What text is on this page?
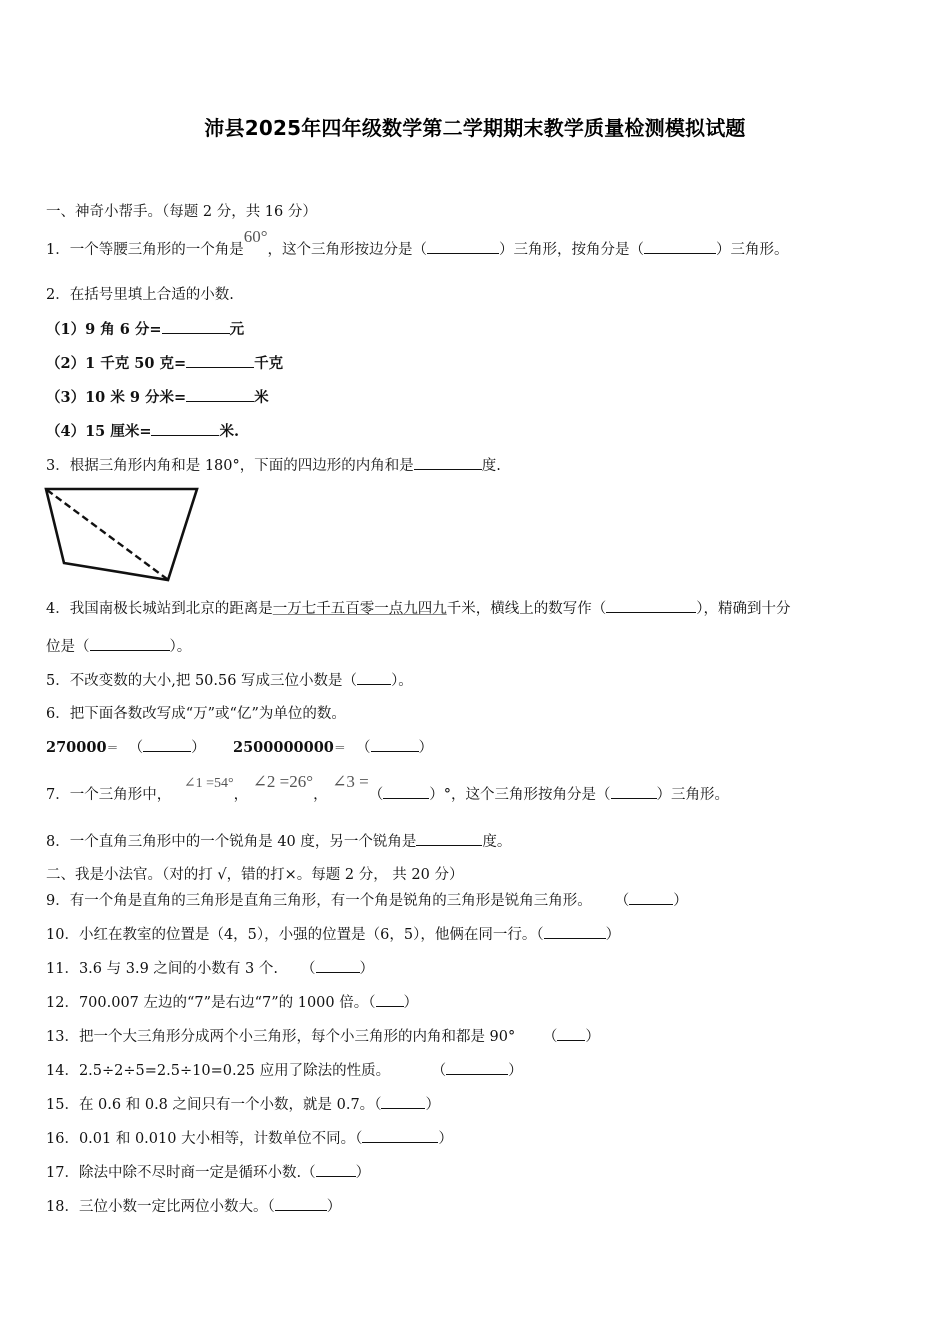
沛县2025年四年级数学第二学期期末教学质量检测模拟试题
一、神奇小帮手。（每题 2 分，共 16 分）
1．一个等腰三角形的一个角是60°，这个三角形按边分是（	）三角形，按角分是（	）三角形。
2．在括号里填上合适的小数.
（1）9 角 6 分=	元
（2）1 千克 50 克=	千克
（3）10 米 9 分米=	米
（4）15 厘米=	米.
3．根据三角形内角和是 180°，下面的四边形的内角和是	度.
4．我国南极长城站到北京的距离是一万七千五百零一点九四九千米，横线上的数写作（	），精确到十分
位是（	）。
5．不改变数的大小,把 50.56 写成三位小数是（ ）。
6．把下面各数改写成“万”或“亿”为单位的数。
270000＝ （	） 2500000000＝ （	）
7．一个三角形中， ∠1 =54°， ∠2 =26°， ∠3 =（	）°，这个三角形按角分是（	）三角形。
8．一个直角三角形中的一个锐角是 40 度，另一个锐角是	度。
二、我是小法官。（对的打 √，错的打×。每题 2 分， 共 20 分）
9．有一个角是直角的三角形是直角三角形，有一个角是锐角的三角形是锐角三角形。 （	）
10．小红在教室的位置是（4，5），小强的位置是（6，5），他俩在同一行。（	）
11．3.6 与 3.9 之间的小数有 3 个. （	）
12．700.007 左边的“7”是右边“7”的 1000 倍。（ ）
13．把一个大三角形分成两个小三角形，每个小三角形的内角和都是 90° （ ）
14．2.5÷2÷5=2.5÷10=0.25 应用了除法的性质。	（	）
15．在 0.6 和 0.8 之间只有一个小数，就是 0.7。（	）
16．0.01 和 0.010 大小相等，计数单位不同。（	）
17．除法中除不尽时商一定是循环小数.（	）
18．三位小数一定比两位小数大。（	）
